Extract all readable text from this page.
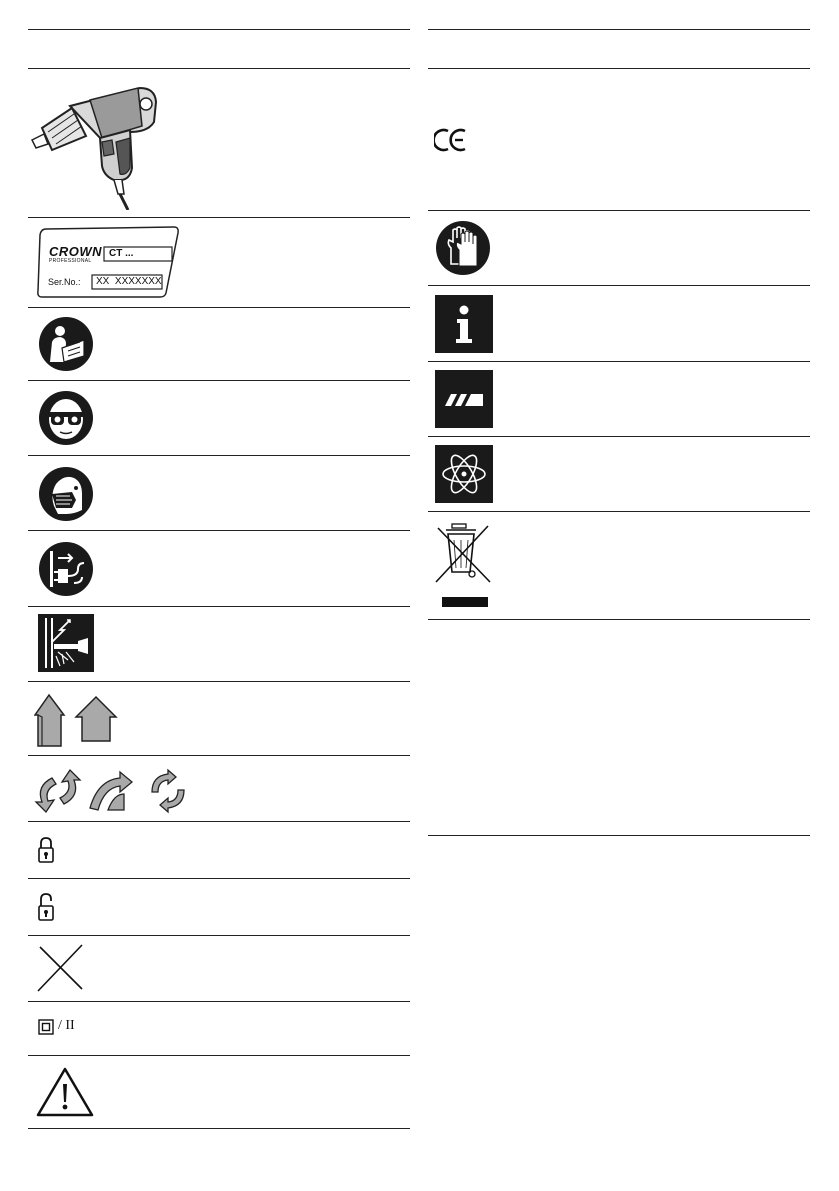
CROWN
PROFESSIONAL
CT ...
Ser.No.: XX  XXXXXXX
/ II
